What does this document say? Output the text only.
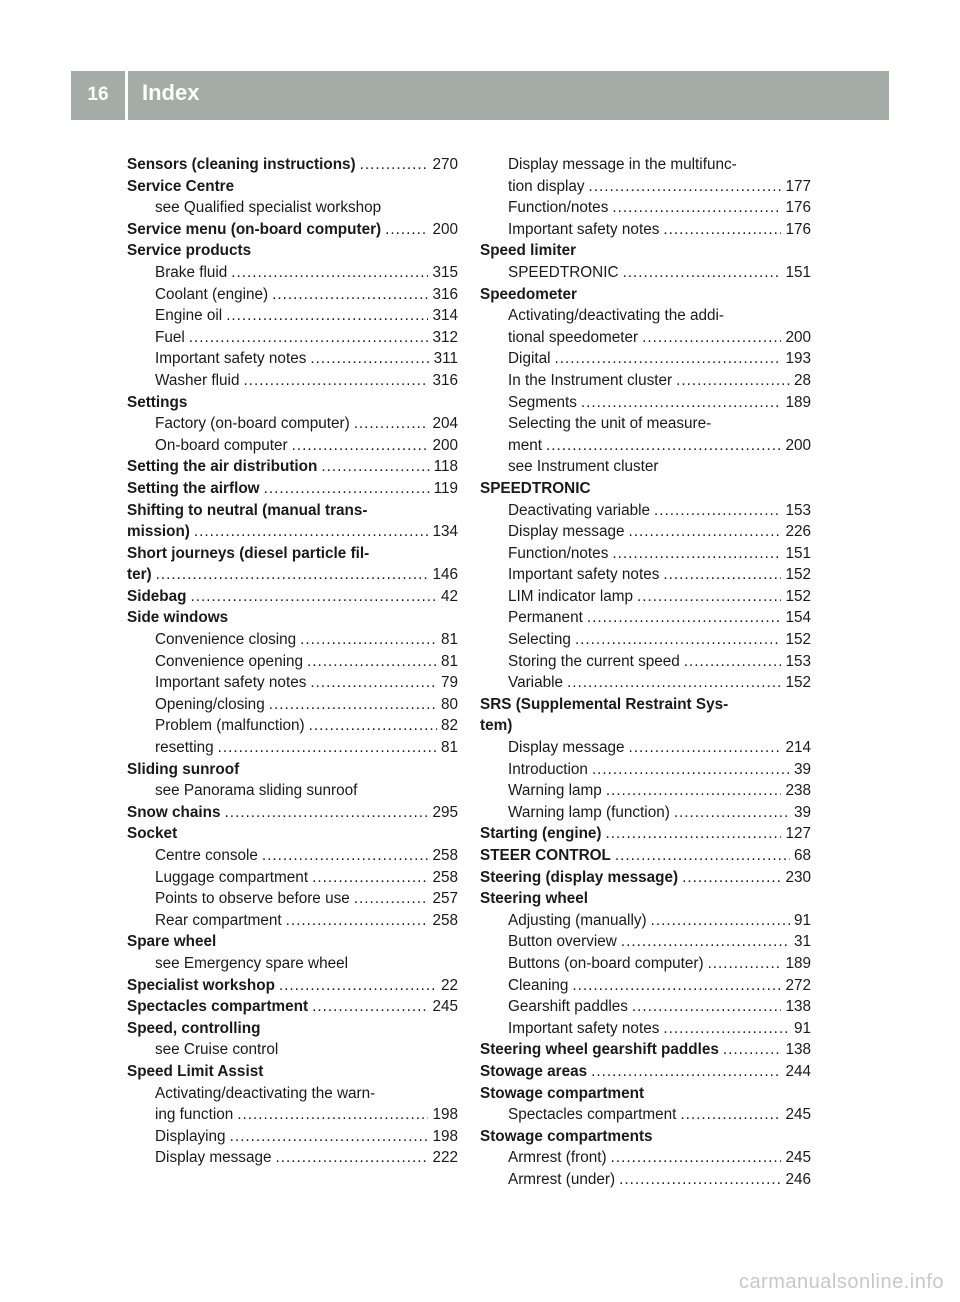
16	Index
Sensors (cleaning instructions) .....	270
Service Centre
see Qualified specialist workshop
Service menu (on-board computer) .....	200
Service products
Brake fluid .....	315
Coolant (engine) .....	316
Engine oil .....	314
Fuel .....	312
Important safety notes .....	311
Washer fluid .....	316
Settings
Factory (on-board computer) .....	204
On-board computer .....	200
Setting the air distribution .....	118
Setting the airflow .....	119
Shifting to neutral (manual trans-
mission) .....	134
Short journeys (diesel particle fil-
ter) .....	146
Sidebag .....	42
Side windows
Convenience closing .....	81
Convenience opening .....	81
Important safety notes .....	79
Opening/closing .....	80
Problem (malfunction) .....	82
resetting .....	81
Sliding sunroof
see Panorama sliding sunroof
Snow chains .....	295
Socket
Centre console .....	258
Luggage compartment .....	258
Points to observe before use .....	257
Rear compartment .....	258
Spare wheel
see Emergency spare wheel
Specialist workshop .....	22
Spectacles compartment .....	245
Speed, controlling
see Cruise control
Speed Limit Assist
Activating/deactivating the warn-
ing function .....	198
Displaying .....	198
Display message .....	222
Display message in the multifunc-
tion display .....	177
Function/notes .....	176
Important safety notes .....	176
Speed limiter
SPEEDTRONIC .....	151
Speedometer
Activating/deactivating the addi-
tional speedometer .....	200
Digital .....	193
In the Instrument cluster .....	28
Segments .....	189
Selecting the unit of measure-
ment .....	200
see Instrument cluster
SPEEDTRONIC
Deactivating variable .....	153
Display message .....	226
Function/notes .....	151
Important safety notes .....	152
LIM indicator lamp .....	152
Permanent .....	154
Selecting .....	152
Storing the current speed .....	153
Variable .....	152
SRS (Supplemental Restraint Sys-
tem)
Display message .....	214
Introduction .....	39
Warning lamp .....	238
Warning lamp (function) .....	39
Starting (engine) .....	127
STEER CONTROL .....	68
Steering (display message) .....	230
Steering wheel
Adjusting (manually) .....	91
Button overview .....	31
Buttons (on-board computer) .....	189
Cleaning .....	272
Gearshift paddles .....	138
Important safety notes .....	91
Steering wheel gearshift paddles .....	138
Stowage areas .....	244
Stowage compartment
Spectacles compartment .....	245
Stowage compartments
Armrest (front) .....	245
Armrest (under) .....	246
carmanualsonline.info
